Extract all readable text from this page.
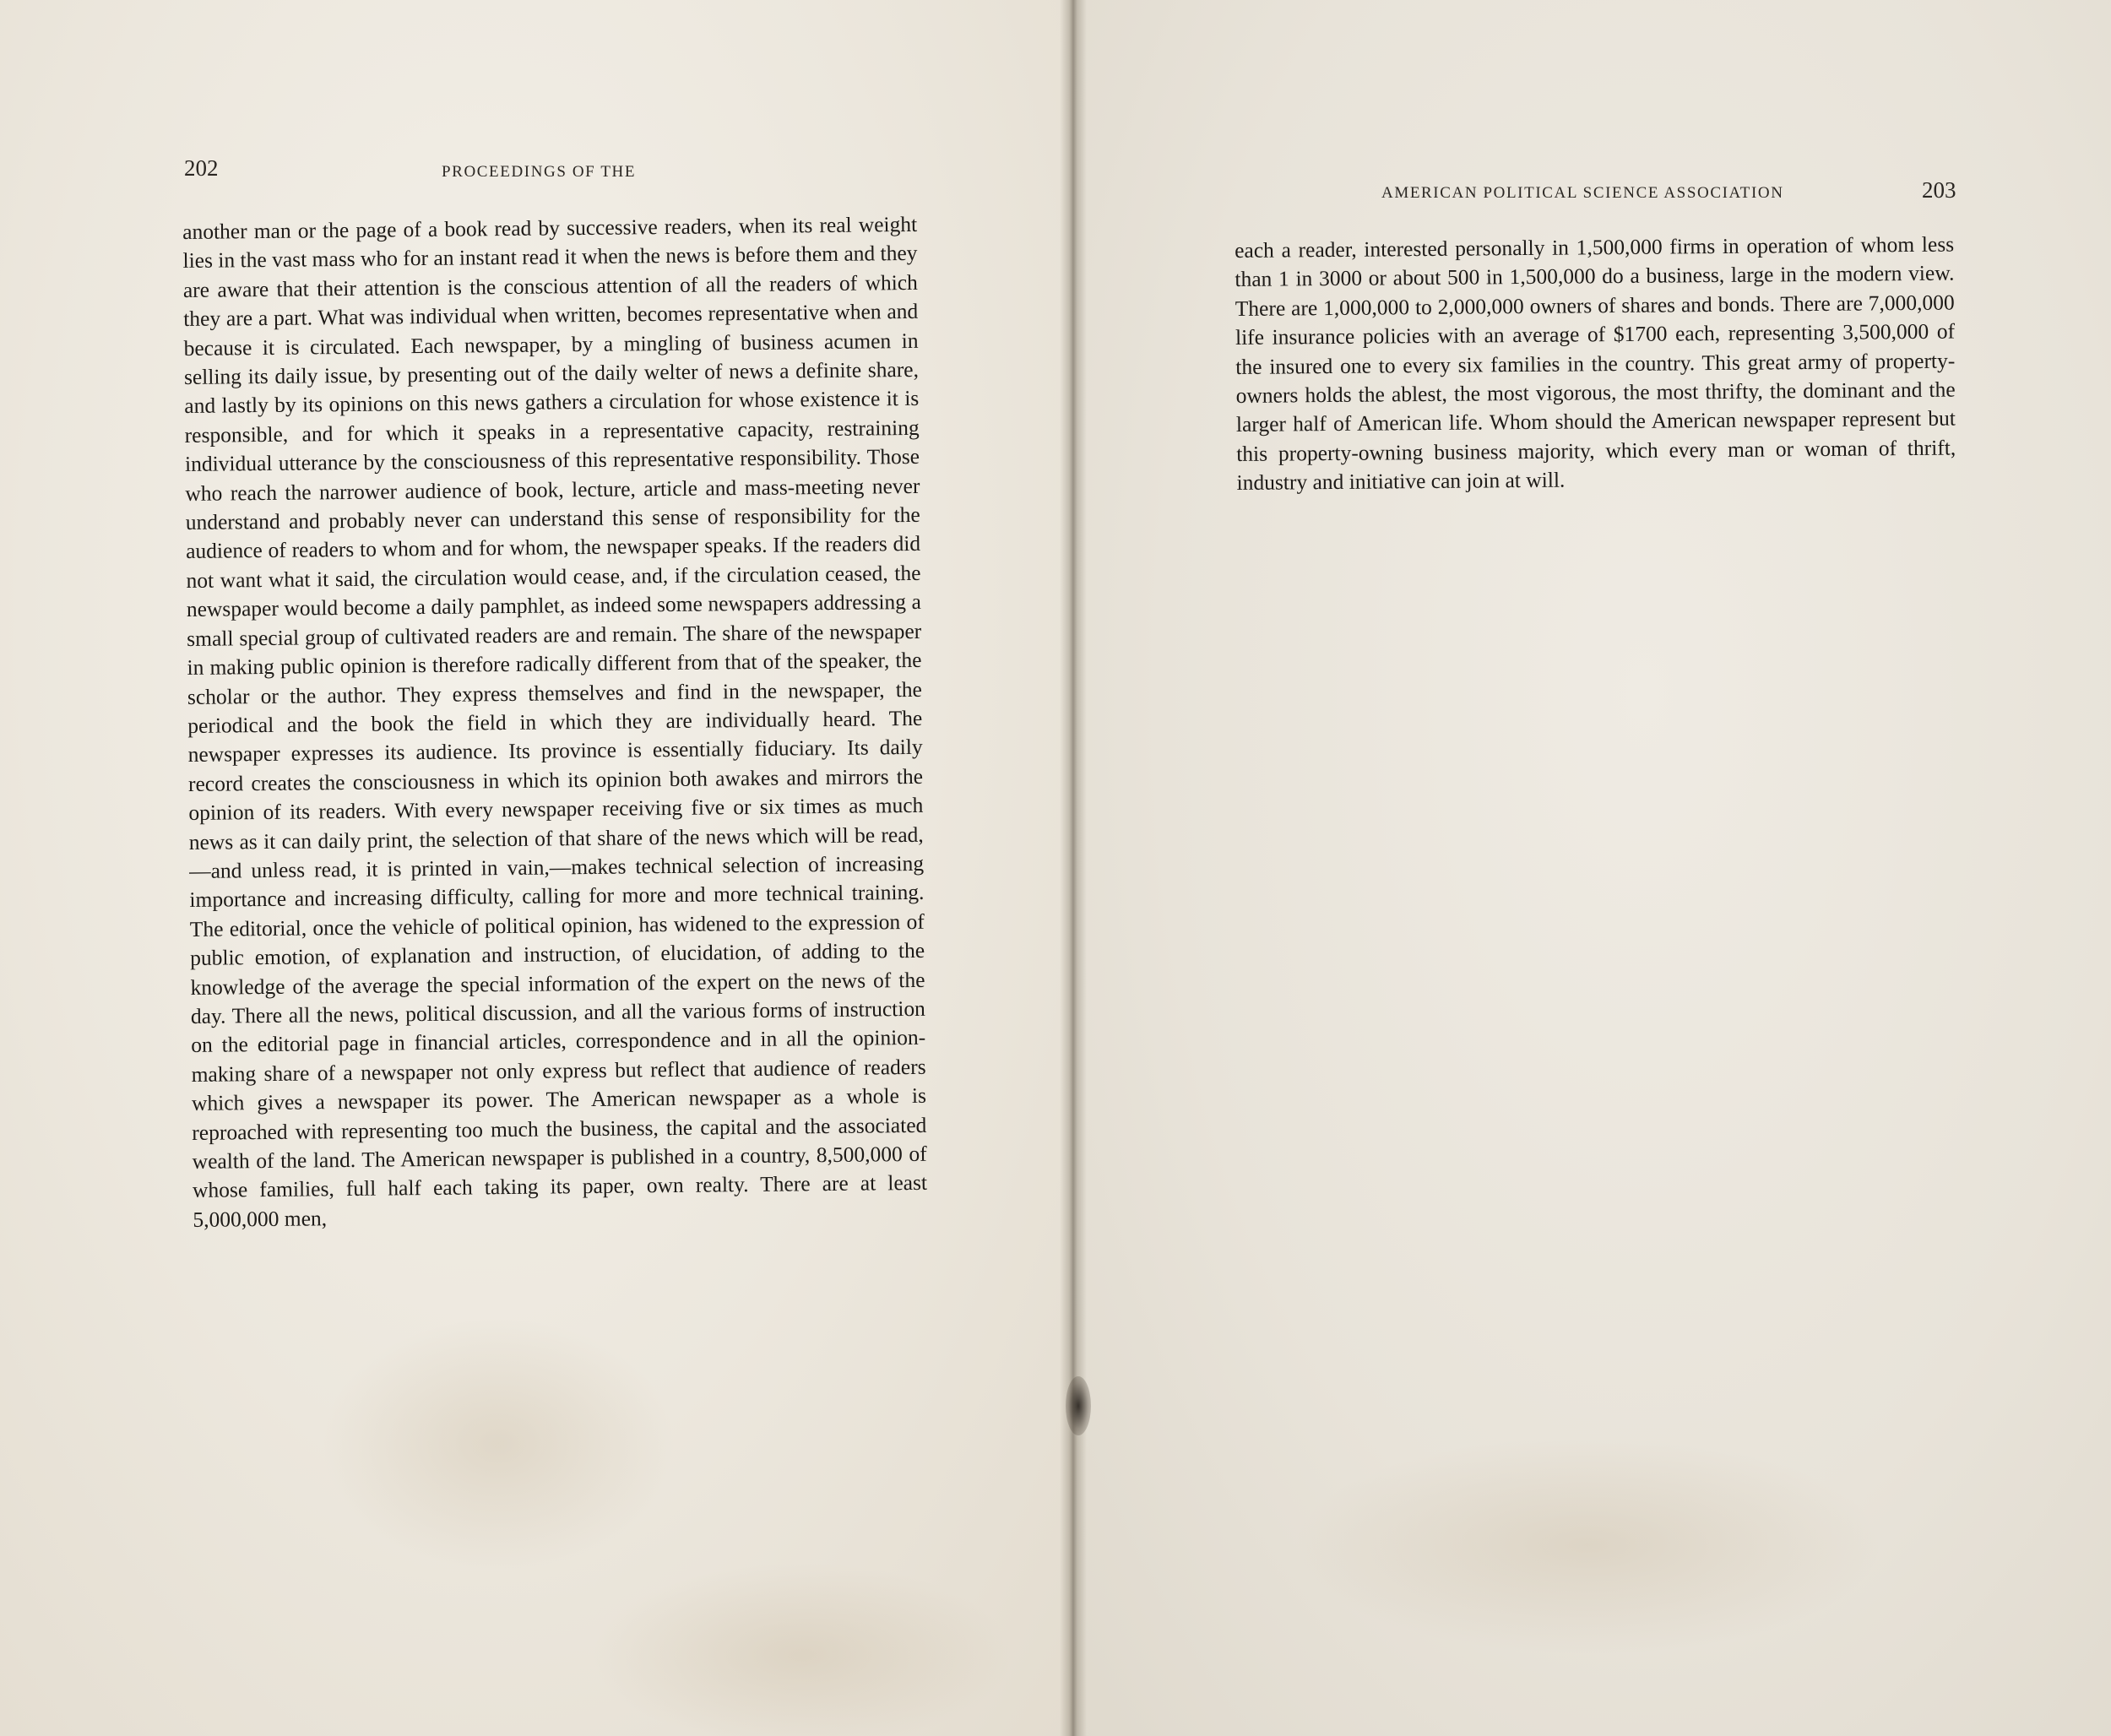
202	PROCEEDINGS OF THE

another man or the page of a book read by successive readers, when its real weight lies in the vast mass who for an instant read it when the news is before them and they are aware that their attention is the conscious attention of all the readers of which they are a part. What was individual when written, becomes representative when and because it is circulated. Each newspaper, by a mingling of business acumen in selling its daily issue, by presenting out of the daily welter of news a definite share, and lastly by its opinions on this news gathers a circulation for whose existence it is responsible, and for which it speaks in a representative capacity, restraining individual utterance by the consciousness of this representative responsibility. Those who reach the narrower audience of book, lecture, article and mass-meeting never understand and probably never can understand this sense of responsibility for the audience of readers to whom and for whom, the newspaper speaks. If the readers did not want what it said, the circulation would cease, and, if the circulation ceased, the newspaper would become a daily pamphlet, as indeed some newspapers addressing a small special group of cultivated readers are and remain. The share of the newspaper in making public opinion is therefore radically different from that of the speaker, the scholar or the author. They express themselves and find in the newspaper, the periodical and the book the field in which they are individually heard. The newspaper expresses its audience. Its province is essentially fiduciary. Its daily record creates the consciousness in which its opinion both awakes and mirrors the opinion of its readers. With every newspaper receiving five or six times as much news as it can daily print, the selection of that share of the news which will be read,—and unless read, it is printed in vain,—makes technical selection of increasing importance and increasing difficulty, calling for more and more technical training. The editorial, once the vehicle of political opinion, has widened to the expression of public emotion, of explanation and instruction, of elucidation, of adding to the knowledge of the average the special information of the expert on the news of the day. There all the news, political discussion, and all the various forms of instruction on the editorial page in financial articles, correspondence and in all the opinion-making share of a newspaper not only express but reflect that audience of readers which gives a newspaper its power. The American newspaper as a whole is reproached with representing too much the business, the capital and the associated wealth of the land. The American newspaper is published in a country, 8,500,000 of whose families, full half each taking its paper, own realty. There are at least 5,000,000 men,

AMERICAN POLITICAL SCIENCE ASSOCIATION	203

each a reader, interested personally in 1,500,000 firms in operation of whom less than 1 in 3000 or about 500 in 1,500,000 do a business, large in the modern view. There are 1,000,000 to 2,000,000 owners of shares and bonds. There are 7,000,000 life insurance policies with an average of $1700 each, representing 3,500,000 of the insured one to every six families in the country. This great army of property-owners holds the ablest, the most vigorous, the most thrifty, the dominant and the larger half of American life. Whom should the American newspaper represent but this property-owning business majority, which every man or woman of thrift, industry and initiative can join at will.
